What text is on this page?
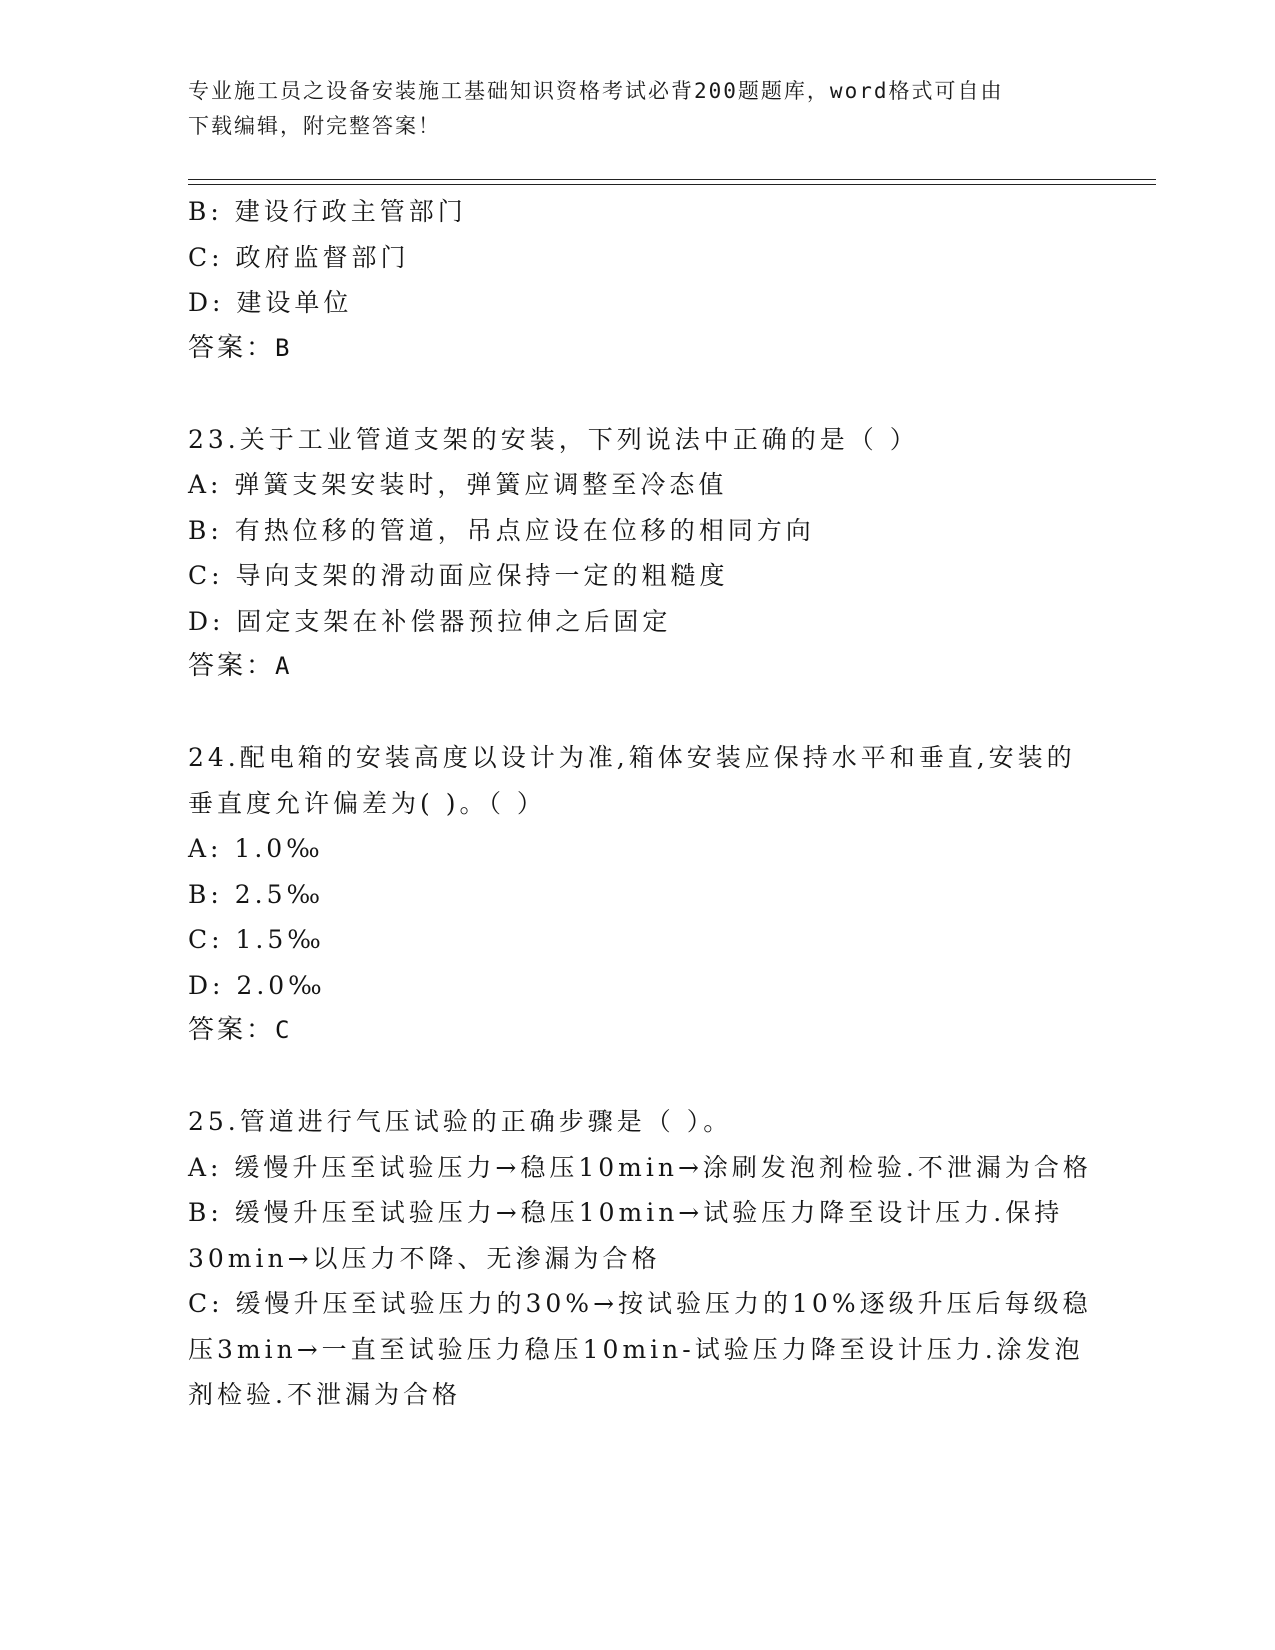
专业施工员之设备安装施工基础知识资格考试必背200题题库，word格式可自由
下载编辑，附完整答案！
B: 建设行政主管部门
C: 政府监督部门
D: 建设单位
答案：B
23.关于工业管道支架的安装，下列说法中正确的是（ ）
A: 弹簧支架安装时，弹簧应调整至冷态值
B: 有热位移的管道，吊点应设在位移的相同方向
C: 导向支架的滑动面应保持一定的粗糙度
D: 固定支架在补偿器预拉伸之后固定
答案：A
24.配电箱的安装高度以设计为准,箱体安装应保持水平和垂直,安装的
垂直度允许偏差为( )。（ ）
A: 1.0‰
B: 2.5‰
C: 1.5‰
D: 2.0‰
答案：C
25.管道进行气压试验的正确步骤是（ ）。
A: 缓慢升压至试验压力→稳压10min→涂刷发泡剂检验.不泄漏为合格
B: 缓慢升压至试验压力→稳压10min→试验压力降至设计压力.保持
30min→以压力不降、无渗漏为合格
C: 缓慢升压至试验压力的30%→按试验压力的10%逐级升压后每级稳
压3min→一直至试验压力稳压10min-试验压力降至设计压力.涂发泡
剂检验.不泄漏为合格
